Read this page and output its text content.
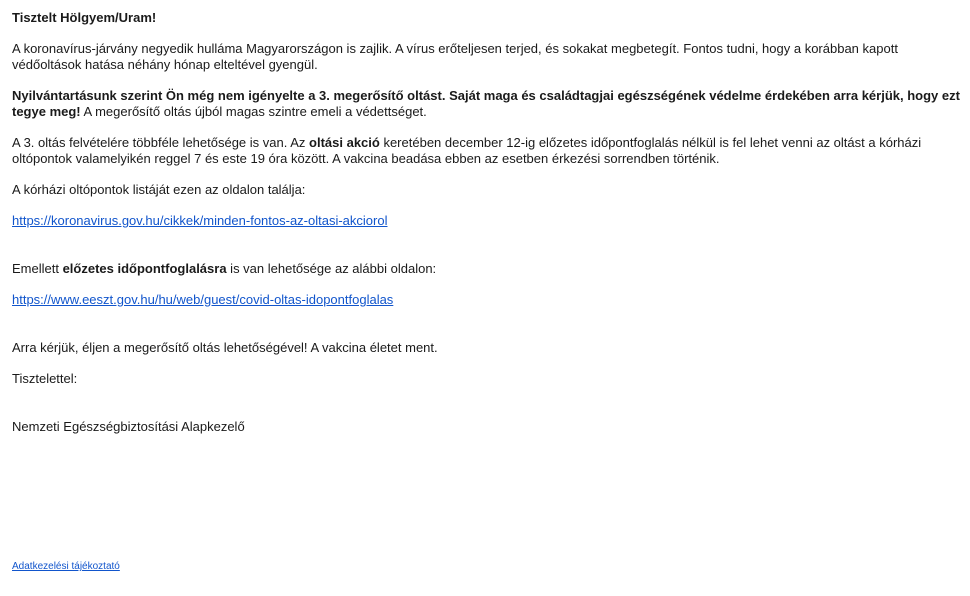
Tisztelt Hölgyem/Uram!

A koronavírus-járvány negyedik hulláma Magyarországon is zajlik. A vírus erőteljesen terjed, és sokakat megbetegít. Fontos tudni, hogy a korábban kapott védőoltások hatása néhány hónap elteltével gyengül.

Nyilvántartásunk szerint Ön még nem igényelte a 3. megerősítő oltást. Saját maga és családtagjai egészségének védelme érdekében arra kérjük, hogy ezt tegye meg! A megerősítő oltás újból magas szintre emeli a védettséget.

A 3. oltás felvételére többféle lehetősége is van. Az oltási akció keretében december 12-ig előzetes időpontfoglalás nélkül is fel lehet venni az oltást a kórházi oltópontok valamelyikén reggel 7 és este 19 óra között. A vakcina beadása ebben az esetben érkezési sorrendben történik.

A kórházi oltópontok listáját ezen az oldalon találja:

https://koronavirus.gov.hu/cikkek/minden-fontos-az-oltasi-akciorol

Emellett előzetes időpontfoglalásra is van lehetősége az alábbi oldalon:

https://www.eeszt.gov.hu/hu/web/guest/covid-oltas-idopontfoglalas

Arra kérjük, éljen a megerősítő oltás lehetőségével! A vakcina életet ment.

Tisztelettel:

Nemzeti Egészségbiztosítási Alapkezelő

Adatkezelési tájékoztató
